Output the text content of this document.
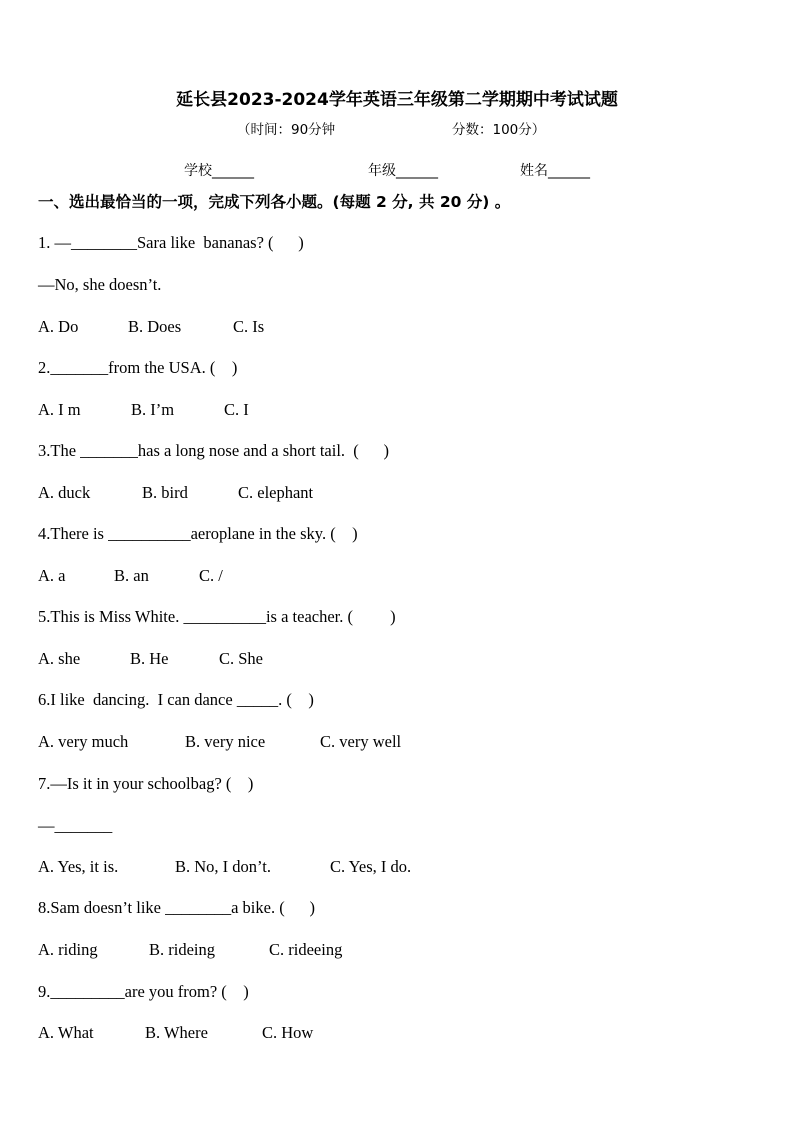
延长县2023-2024学年英语三年级第二学期期中考试试题
（时间：90分钟	分数：100分）
学校______	年级______	姓名______
一、选出最恰当的一项，完成下列各小题。(每题 2 分, 共 20 分) 。
1. —________Sara like  bananas? (      )
—No, she doesn’t.
A. Do	B. Does	C. Is
2._______from the USA. (    )
A. I m	B. I’m	C. I
3.The _______has a long nose and a short tail.  (      )
A. duck	B. bird	C. elephant
4.There is __________aeroplane in the sky. (    )
A. a	B. an	C. /
5.This is Miss White. __________is a teacher. (         )
A. she	B. He	C. She
6.I like  dancing.  I can dance _____. (    )
A. very much	B. very nice	C. very well
7.—Is it in your schoolbag? (    )
—_______
A. Yes, it is.	B. No, I don’t.	C. Yes, I do.
8.Sam doesn’t like ________a bike. (      )
A. riding	B. rideing	C. rideeing
9._________are you from? (    )
A. What	B. Where	C. How
